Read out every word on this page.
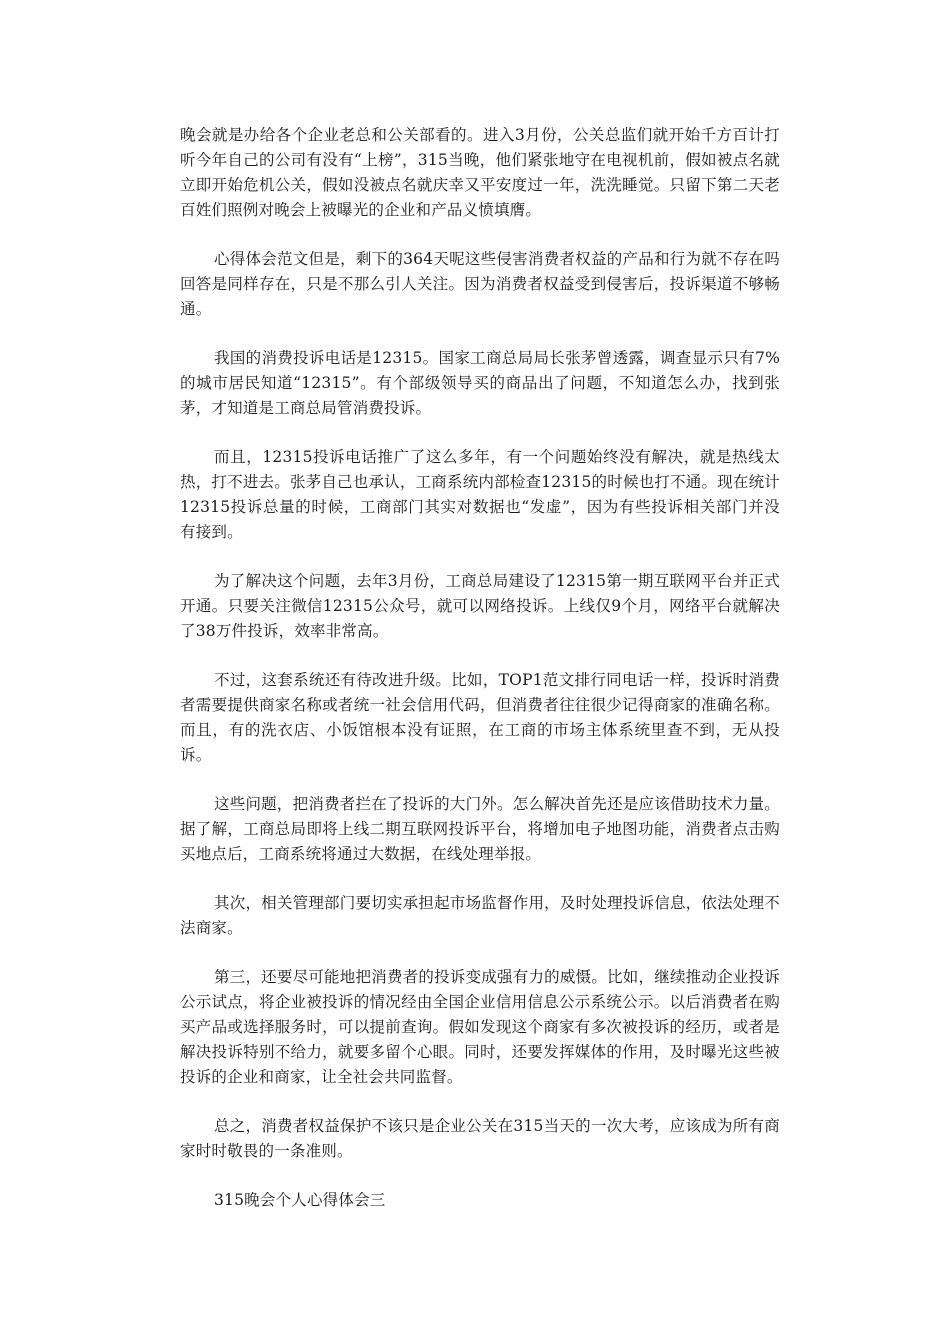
晚会就是办给各个企业老总和公关部看的。进入3月份，公关总监们就开始千方百计打听今年自己的公司有没有“上榜”，315当晚，他们紧张地守在电视机前，假如被点名就立即开始危机公关，假如没被点名就庆幸又平安度过一年，洗洗睡觉。只留下第二天老百姓们照例对晚会上被曝光的企业和产品义愤填膺。

心得体会范文但是，剩下的364天呢这些侵害消费者权益的产品和行为就不存在吗回答是同样存在，只是不那么引人关注。因为消费者权益受到侵害后，投诉渠道不够畅通。

我国的消费投诉电话是12315。国家工商总局局长张茅曾透露，调查显示只有7%的城市居民知道“12315”。有个部级领导买的商品出了问题，不知道怎么办，找到张茅，才知道是工商总局管消费投诉。

而且，12315投诉电话推广了这么多年，有一个问题始终没有解决，就是热线太热，打不进去。张茅自己也承认，工商系统内部检查12315的时候也打不通。现在统计12315投诉总量的时候，工商部门其实对数据也“发虚”，因为有些投诉相关部门并没有接到。

为了解决这个问题，去年3月份，工商总局建设了12315第一期互联网平台并正式开通。只要关注微信12315公众号，就可以网络投诉。上线仅9个月，网络平台就解决了38万件投诉，效率非常高。

不过，这套系统还有待改进升级。比如，TOP1范文排行同电话一样，投诉时消费者需要提供商家名称或者统一社会信用代码，但消费者往往很少记得商家的准确名称。而且，有的洗衣店、小饭馆根本没有证照，在工商的市场主体系统里查不到，无从投诉。

这些问题，把消费者拦在了投诉的大门外。怎么解决首先还是应该借助技术力量。据了解，工商总局即将上线二期互联网投诉平台，将增加电子地图功能，消费者点击购买地点后，工商系统将通过大数据，在线处理举报。

其次，相关管理部门要切实承担起市场监督作用，及时处理投诉信息，依法处理不法商家。

第三，还要尽可能地把消费者的投诉变成强有力的威慑。比如，继续推动企业投诉公示试点，将企业被投诉的情况经由全国企业信用信息公示系统公示。以后消费者在购买产品或选择服务时，可以提前查询。假如发现这个商家有多次被投诉的经历，或者是解决投诉特别不给力，就要多留个心眼。同时，还要发挥媒体的作用，及时曝光这些被投诉的企业和商家，让全社会共同监督。

总之，消费者权益保护不该只是企业公关在315当天的一次大考，应该成为所有商家时时敬畏的一条准则。

315晚会个人心得体会三
